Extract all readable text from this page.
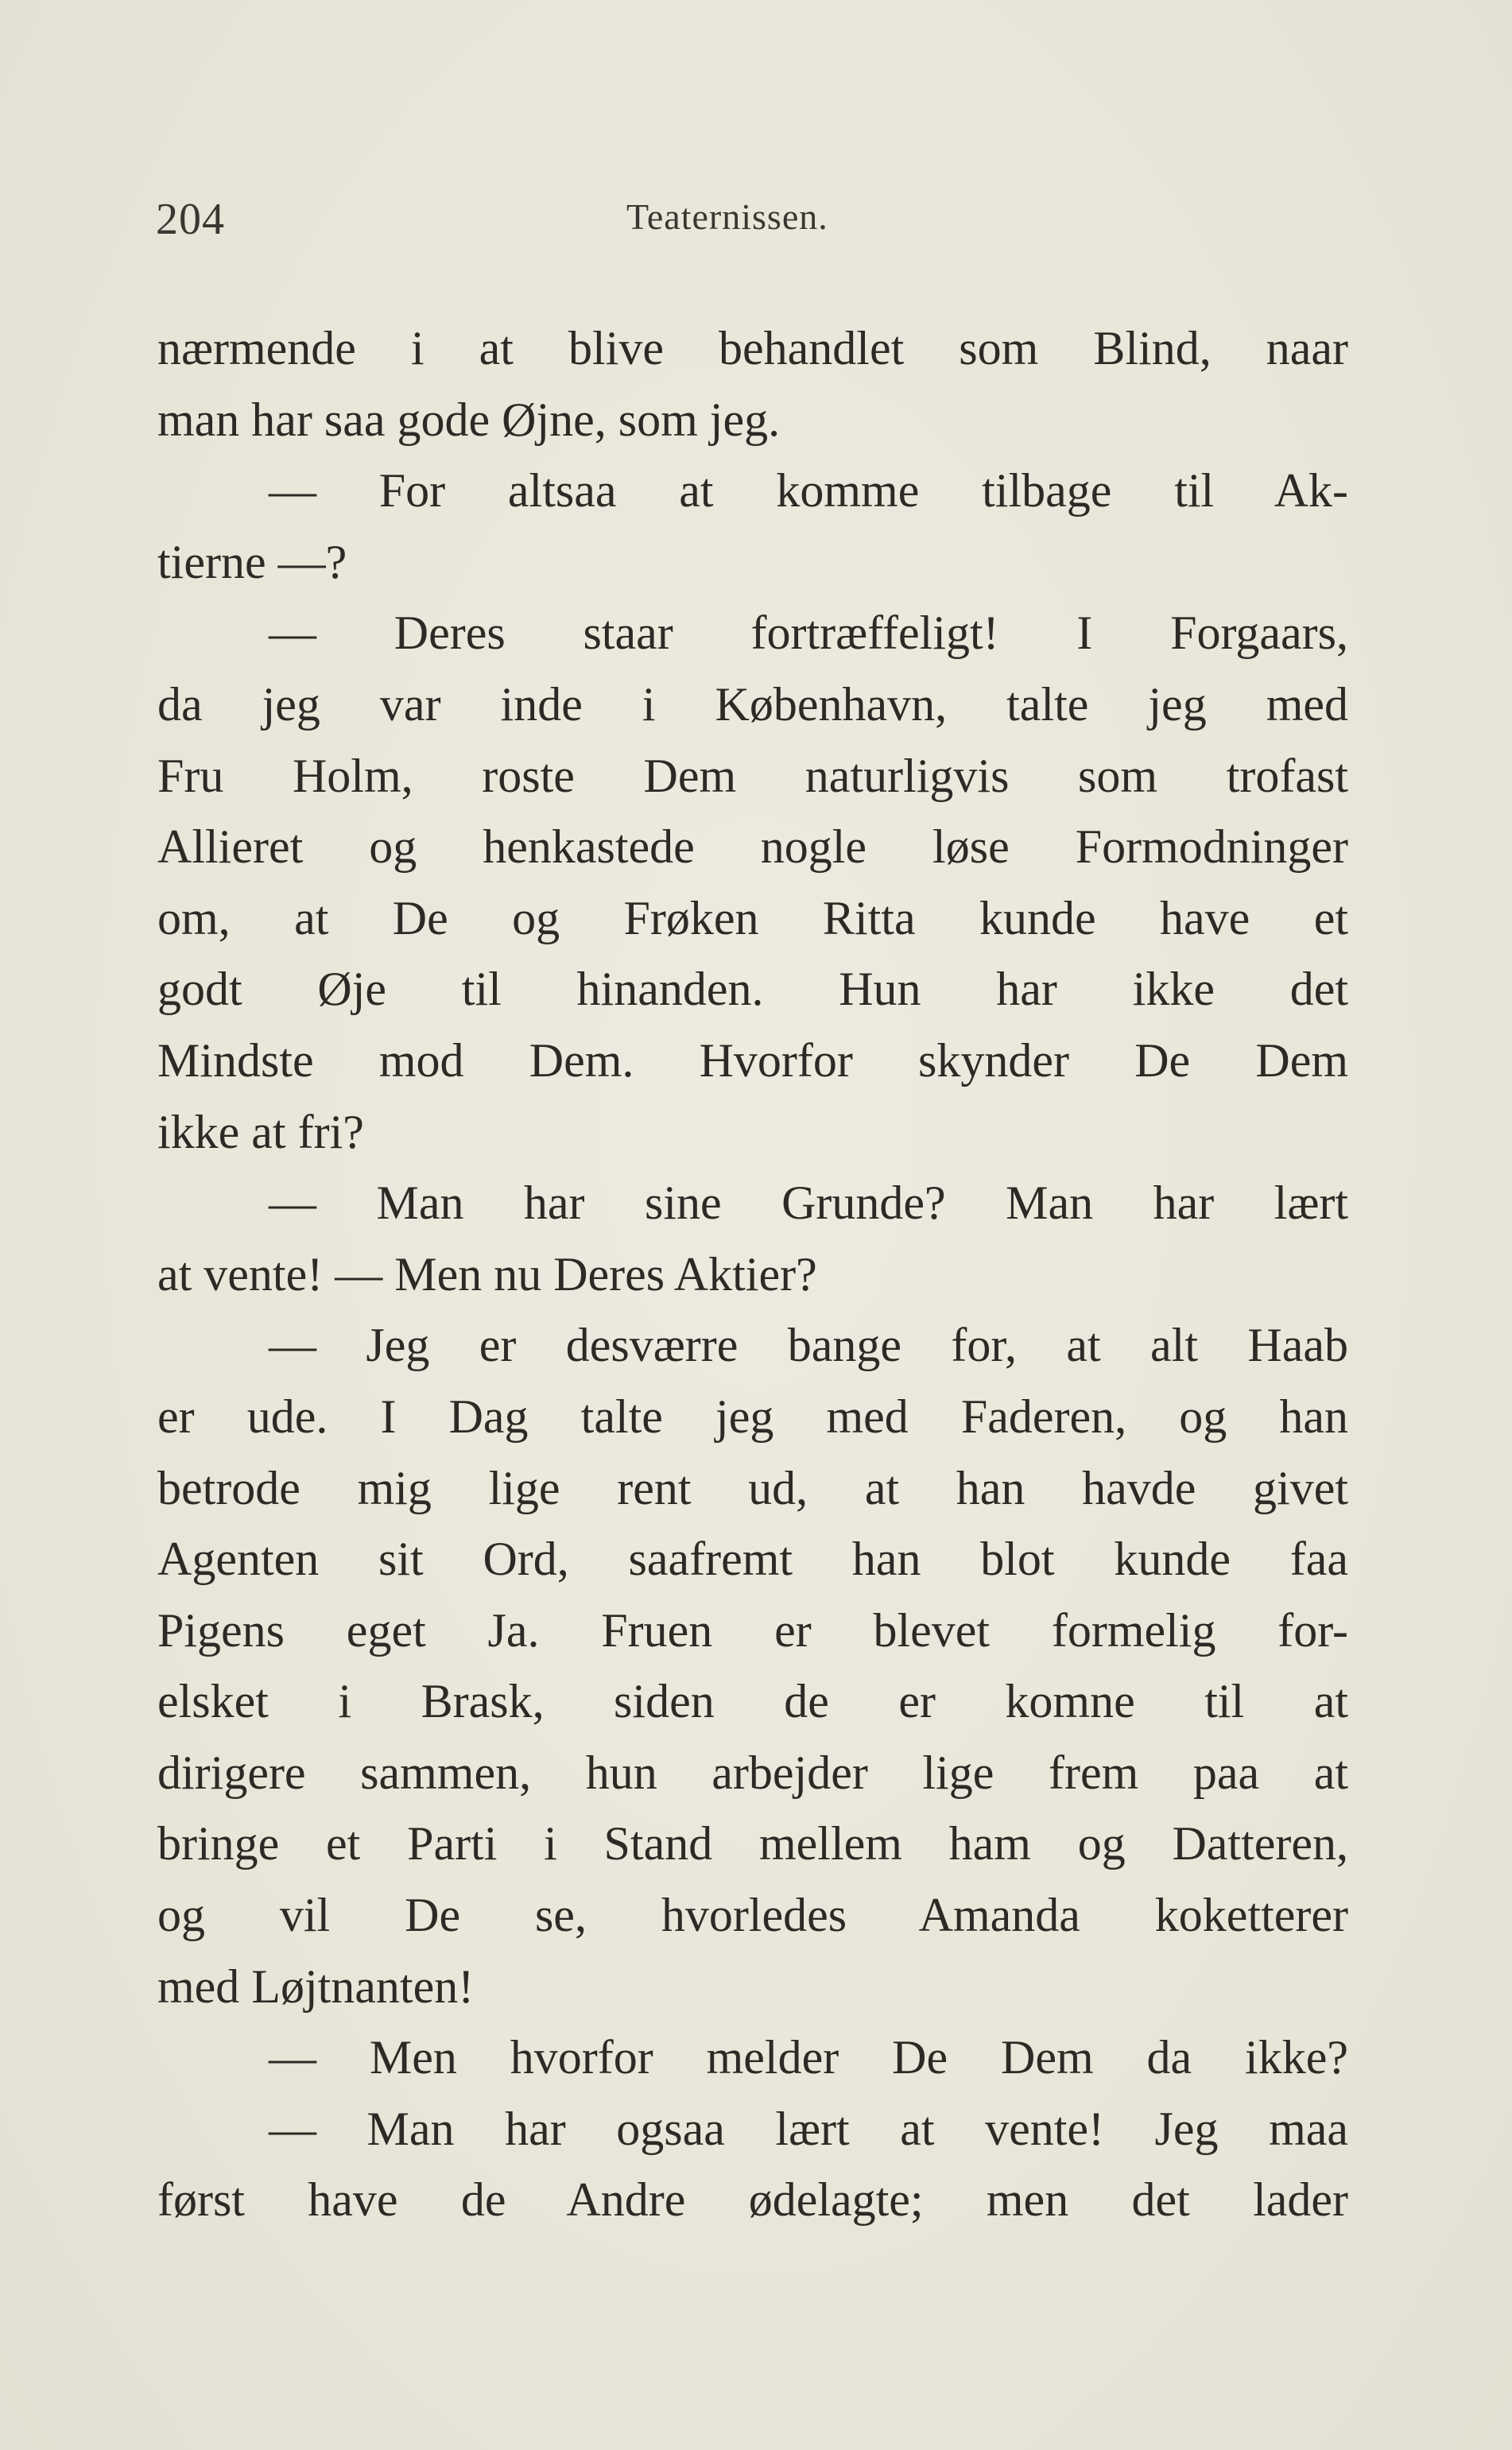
204	Teaternissen.
nærmende i at blive behandlet som Blind, naar
man har saa gode Øjne, som jeg.
— For altsaa at komme tilbage til Ak-
tierne —?
— Deres staar fortræffeligt! I Forgaars,
da jeg var inde i København, talte jeg med
Fru Holm, roste Dem naturligvis som trofast
Allieret og henkastede nogle løse Formodninger
om, at De og Frøken Ritta kunde have et
godt Øje til hinanden. Hun har ikke det
Mindste mod Dem. Hvorfor skynder De Dem
ikke at fri?
— Man har sine Grunde? Man har lært
at vente! — Men nu Deres Aktier?
— Jeg er desværre bange for, at alt Haab
er ude. I Dag talte jeg med Faderen, og han
betrode mig lige rent ud, at han havde givet
Agenten sit Ord, saafremt han blot kunde faa
Pigens eget Ja. Fruen er blevet formelig for-
elsket i Brask, siden de er komne til at
dirigere sammen, hun arbejder lige frem paa at
bringe et Parti i Stand mellem ham og Datteren,
og vil De se, hvorledes Amanda koketterer
med Løjtnanten!
— Men hvorfor melder De Dem da ikke?
— Man har ogsaa lært at vente! Jeg maa
først have de Andre ødelagte; men det lader
